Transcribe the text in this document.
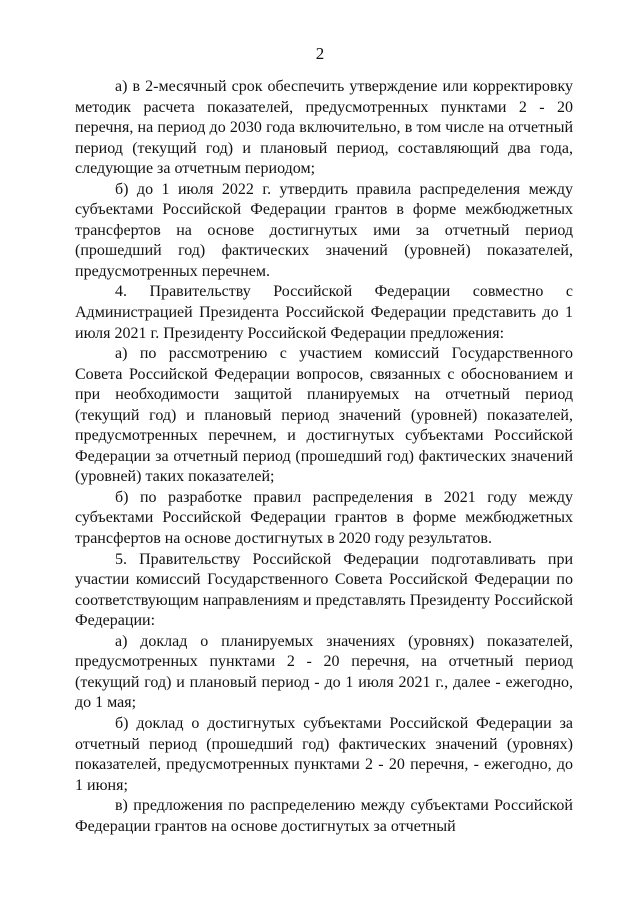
2

а) в 2-месячный срок обеспечить утверждение или корректировку методик расчета показателей, предусмотренных пунктами 2 - 20 перечня, на период до 2030 года включительно, в том числе на отчетный период (текущий год) и плановый период, составляющий два года, следующие за отчетным периодом;

б) до 1 июля 2022 г. утвердить правила распределения между субъектами Российской Федерации грантов в форме межбюджетных трансфертов на основе достигнутых ими за отчетный период (прошедший год) фактических значений (уровней) показателей, предусмотренных перечнем.

4. Правительству Российской Федерации совместно с Администрацией Президента Российской Федерации представить до 1 июля 2021 г. Президенту Российской Федерации предложения:

а) по рассмотрению с участием комиссий Государственного Совета Российской Федерации вопросов, связанных с обоснованием и при необходимости защитой планируемых на отчетный период (текущий год) и плановый период значений (уровней) показателей, предусмотренных перечнем, и достигнутых субъектами Российской Федерации за отчетный период (прошедший год) фактических значений (уровней) таких показателей;

б) по разработке правил распределения в 2021 году между субъектами Российской Федерации грантов в форме межбюджетных трансфертов на основе достигнутых в 2020 году результатов.

5. Правительству Российской Федерации подготавливать при участии комиссий Государственного Совета Российской Федерации по соответствующим направлениям и представлять Президенту Российской Федерации:

а) доклад о планируемых значениях (уровнях) показателей, предусмотренных пунктами 2 - 20 перечня, на отчетный период (текущий год) и плановый период - до 1 июля 2021 г., далее - ежегодно, до 1 мая;

б) доклад о достигнутых субъектами Российской Федерации за отчетный период (прошедший год) фактических значений (уровнях) показателей, предусмотренных пунктами 2 - 20 перечня, - ежегодно, до 1 июня;

в) предложения по распределению между субъектами Российской Федерации грантов на основе достигнутых за отчетный
